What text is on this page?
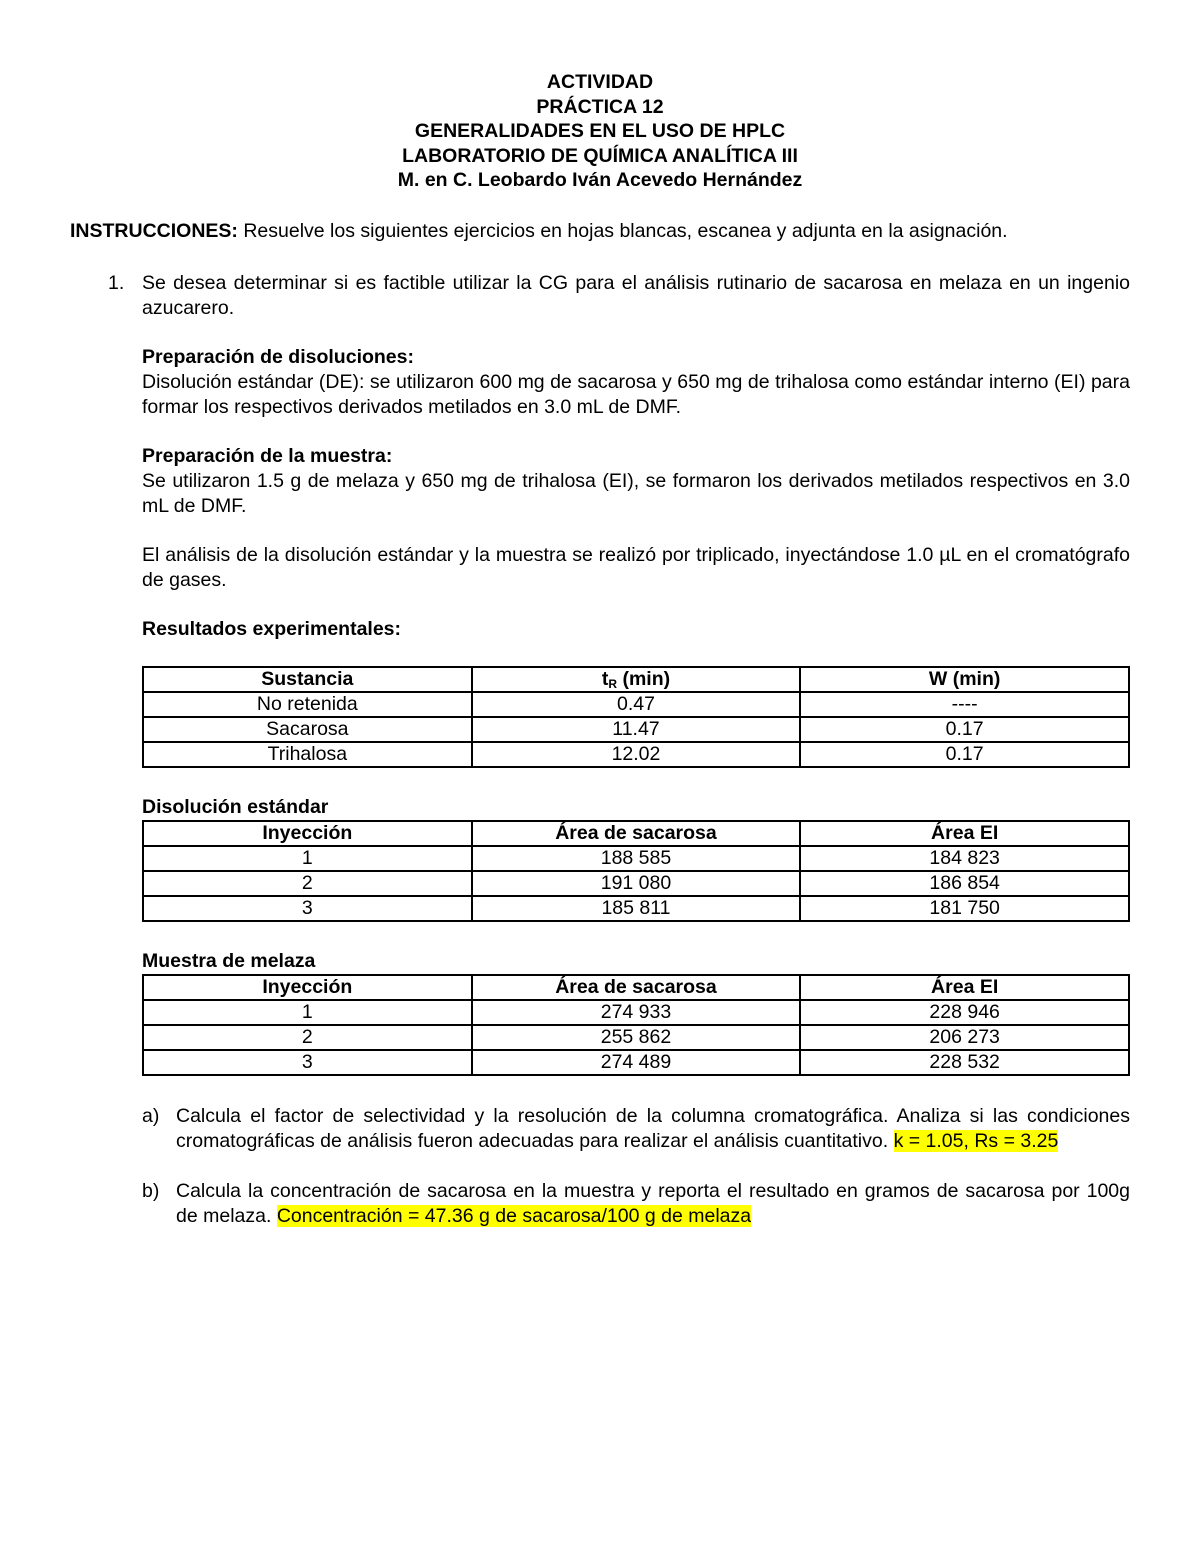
ACTIVIDAD
PRÁCTICA 12
GENERALIDADES EN EL USO DE HPLC
LABORATORIO DE QUÍMICA ANALÍTICA III
M. en C. Leobardo Iván Acevedo Hernández
INSTRUCCIONES: Resuelve los siguientes ejercicios en hojas blancas, escanea y adjunta en la asignación.
1. Se desea determinar si es factible utilizar la CG para el análisis rutinario de sacarosa en melaza en un ingenio azucarero.
Preparación de disoluciones:
Disolución estándar (DE): se utilizaron 600 mg de sacarosa y 650 mg de trihalosa como estándar interno (EI) para formar los respectivos derivados metilados en 3.0 mL de DMF.
Preparación de la muestra:
Se utilizaron 1.5 g de melaza y 650 mg de trihalosa (EI), se formaron los derivados metilados respectivos en 3.0 mL de DMF.
El análisis de la disolución estándar y la muestra se realizó por triplicado, inyectándose 1.0 µL en el cromatógrafo de gases.
Resultados experimentales:
Sustancia	$t_R$ (min)	W (min)
No retenida	0.47	----
Sacarosa	11.47	0.17
Trihalosa	12.02	0.17
Disolución estándar
Inyección	Área de sacarosa	Área EI
1	188 585	184 823
2	191 080	186 854
3	185 811	181 750
Muestra de melaza
Inyección	Área de sacarosa	Área EI
1	274 933	228 946
2	255 862	206 273
3	274 489	228 532
a) Calcula el factor de selectividad y la resolución de la columna cromatográfica. Analiza si las condiciones cromatográficas de análisis fueron adecuadas para realizar el análisis cuantitativo. k = 1.05, Rs = 3.25
b) Calcula la concentración de sacarosa en la muestra y reporta el resultado en gramos de sacarosa por 100g de melaza. Concentración = 47.36 g de sacarosa/100 g de melaza
